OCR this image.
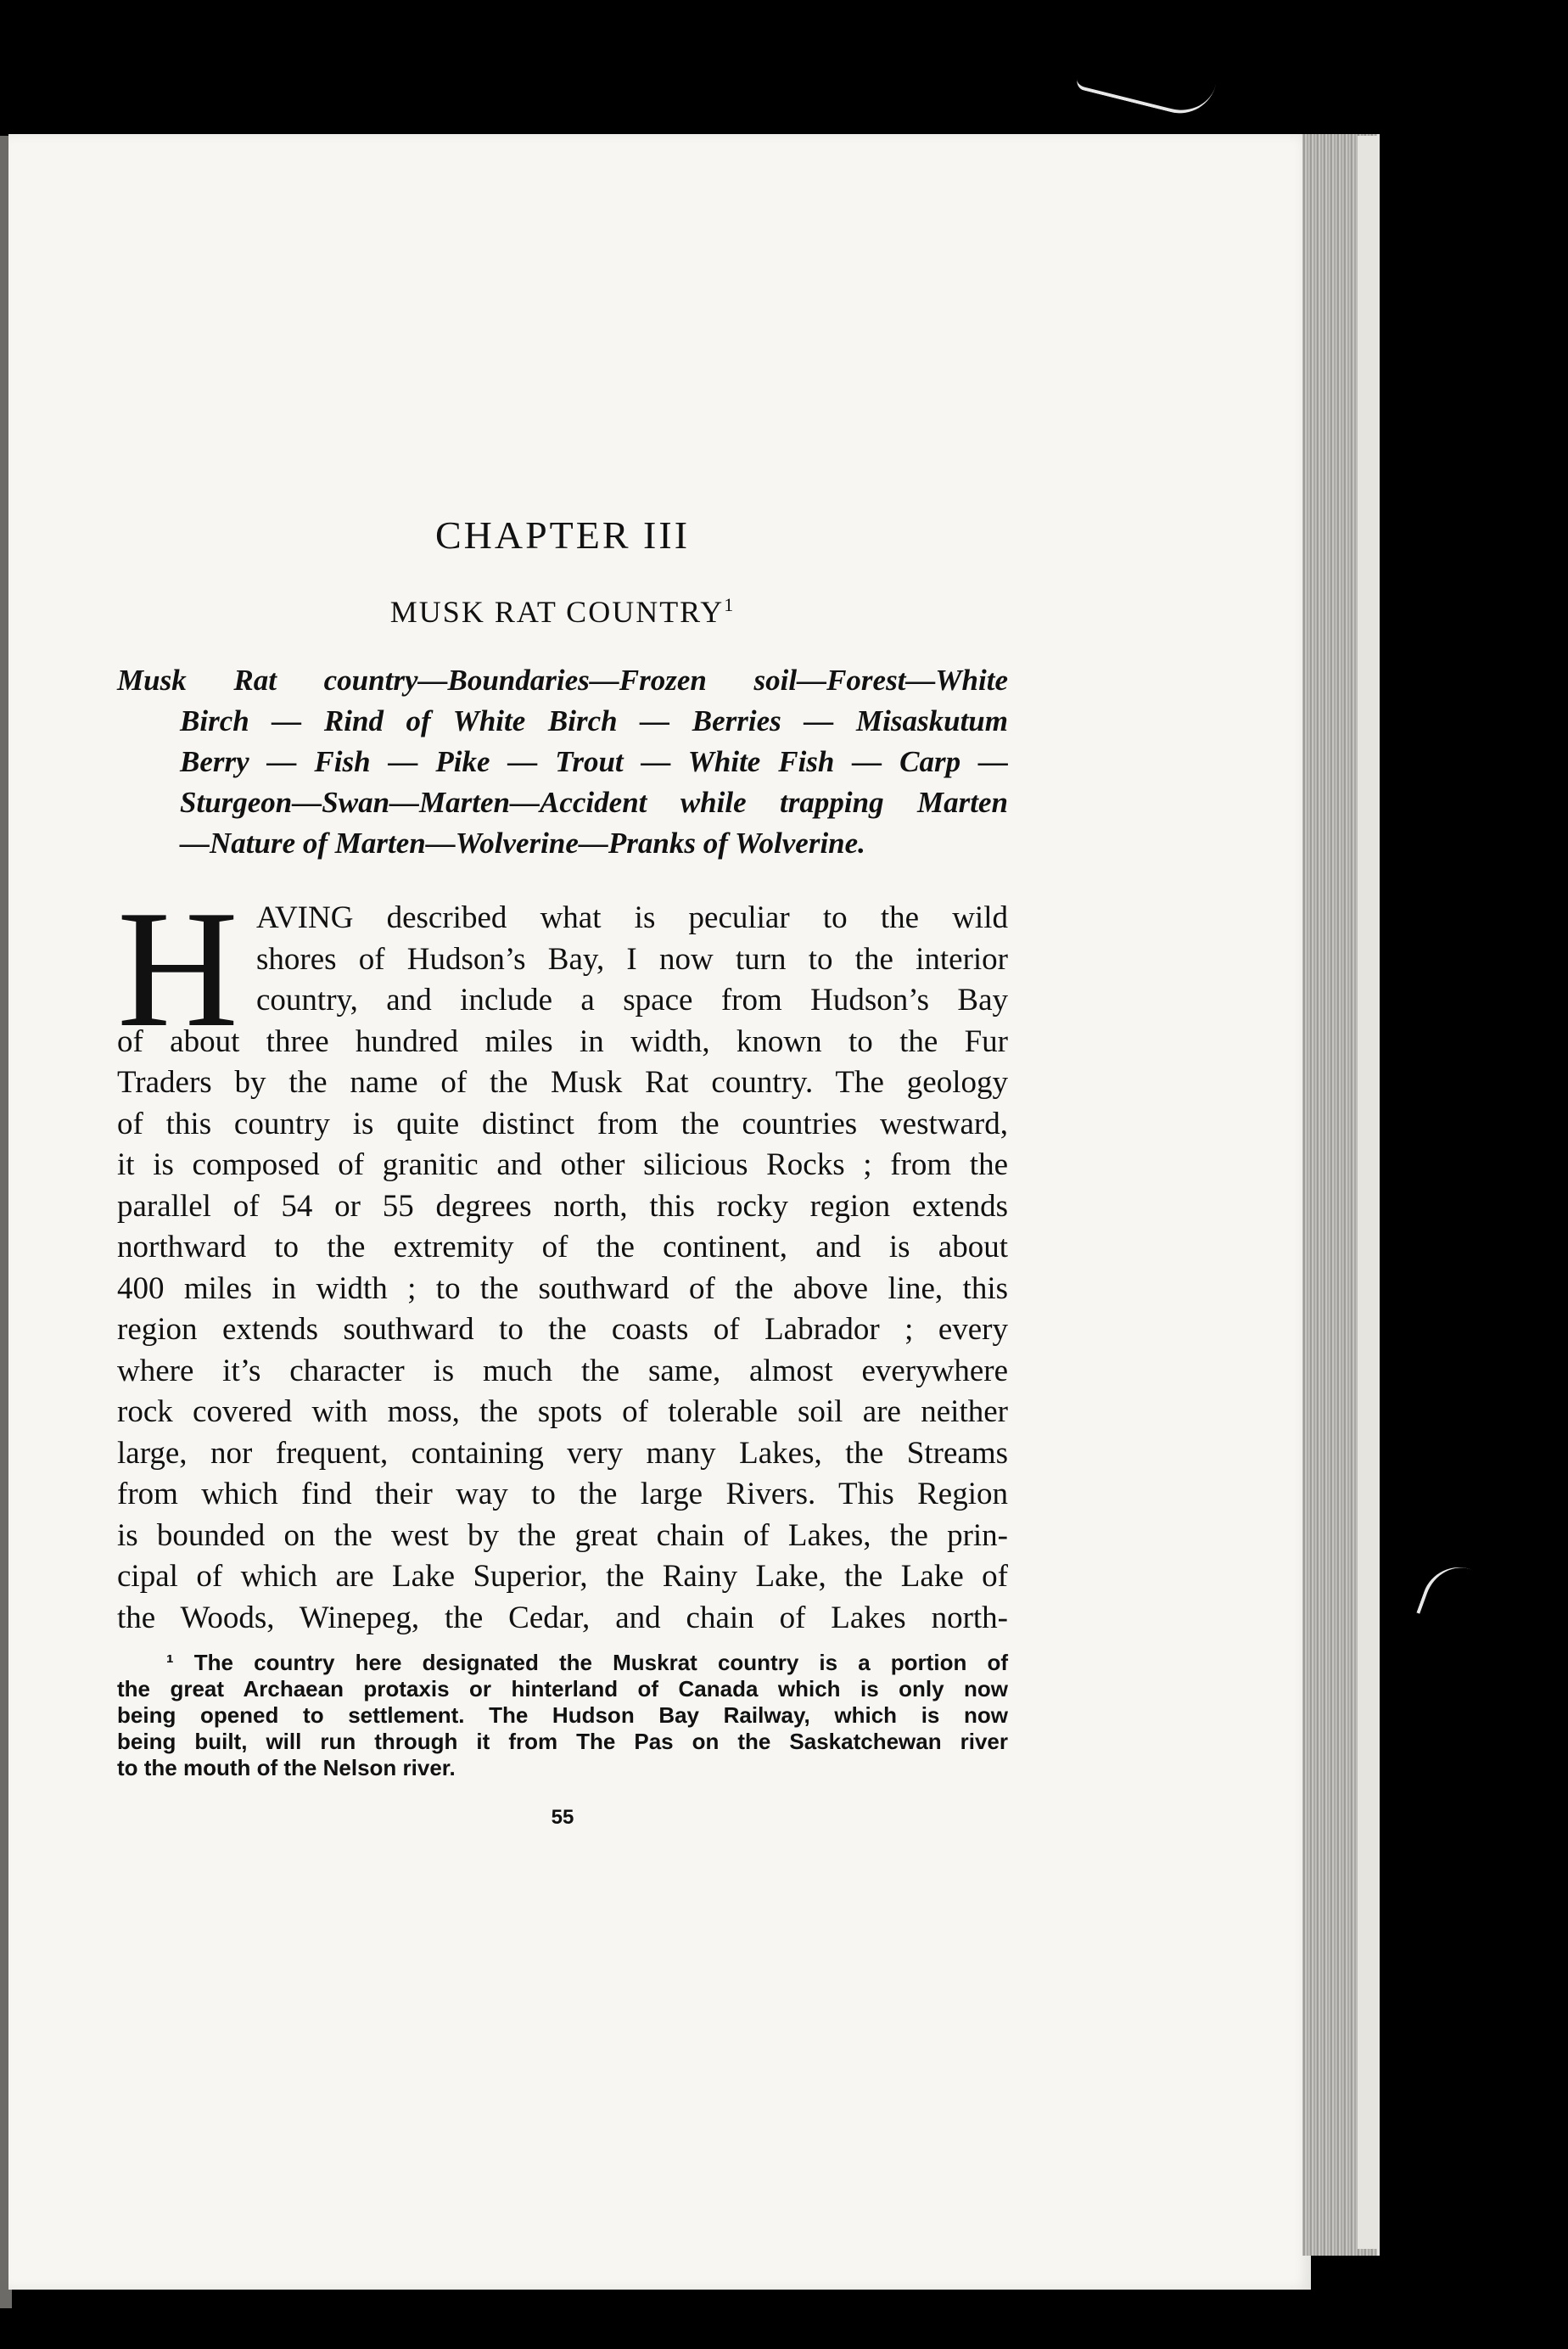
CHAPTER III
MUSK RAT COUNTRY$^1$
Musk Rat country—Boundaries—Frozen soil—Forest—White
Birch — Rind of White Birch — Berries — Misaskutum
Berry — Fish — Pike — Trout — White Fish — Carp —
Sturgeon—Swan—Marten—Accident while trapping Marten
—Nature of Marten—Wolverine—Pranks of Wolverine.
H AVING described what is peculiar to the wild
shores of Hudson’s Bay, I now turn to the interior
country, and include a space from Hudson’s Bay
of about three hundred miles in width, known to the Fur
Traders by the name of the Musk Rat country. The geology
of this country is quite distinct from the countries westward,
it is composed of granitic and other silicious Rocks ; from the
parallel of 54 or 55 degrees north, this rocky region extends
northward to the extremity of the continent, and is about
400 miles in width ; to the southward of the above line, this
region extends southward to the coasts of Labrador ; every
where it’s character is much the same, almost everywhere
rock covered with moss, the spots of tolerable soil are neither
large, nor frequent, containing very many Lakes, the Streams
from which find their way to the large Rivers. This Region
is bounded on the west by the great chain of Lakes, the prin-
cipal of which are Lake Superior, the Rainy Lake, the Lake of
the Woods, Winepeg, the Cedar, and chain of Lakes north-
¹ The country here designated the Muskrat country is a portion of
the great Archaean protaxis or hinterland of Canada which is only now
being opened to settlement. The Hudson Bay Railway, which is now
being built, will run through it from The Pas on the Saskatchewan river
to the mouth of the Nelson river.
55
